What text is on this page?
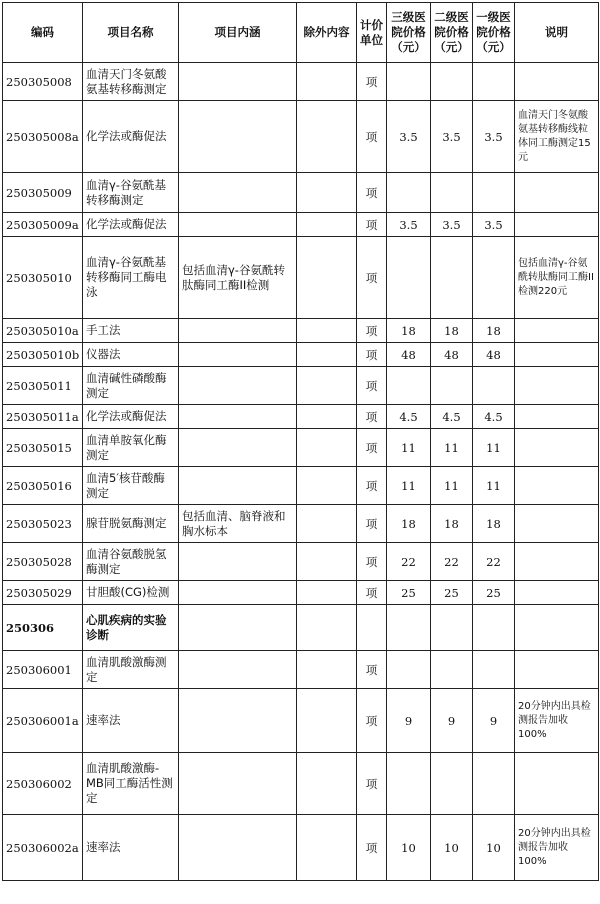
编码	项目名称	项目内涵	除外内容	计价单位	三级医院价格（元）	二级医院价格（元）	一级医院价格（元）	说明
250305008	血清天门冬氨酸氨基转移酶测定			项				
250305008a	化学法或酶促法			项	3.5	3.5	3.5	血清天门冬氨酸氨基转移酶线粒体同工酶测定15元
250305009	血清γ-谷氨酰基转移酶测定			项				
250305009a	化学法或酶促法			项	3.5	3.5	3.5	
250305010	血清γ-谷氨酰基转移酶同工酶电泳	包括血清γ-谷氨酰转肽酶同工酶II检测		项				包括血清γ-谷氨酰转肽酶同工酶II检测220元
250305010a	手工法			项	18	18	18	
250305010b	仪器法			项	48	48	48	
250305011	血清碱性磷酸酶测定			项				
250305011a	化学法或酶促法			项	4.5	4.5	4.5	
250305015	血清单胺氧化酶测定			项	11	11	11	
250305016	血清5′核苷酸酶测定			项	11	11	11	
250305023	腺苷脱氨酶测定	包括血清、脑脊液和胸水标本		项	18	18	18	
250305028	血清谷氨酸脱氢酶测定			项	22	22	22	
250305029	甘胆酸(CG)检测			项	25	25	25	
250306	心肌疾病的实验诊断							
250306001	血清肌酸激酶测定			项				
250306001a	速率法			项	9	9	9	20分钟内出具检测报告加收100%
250306002	血清肌酸激酶-MB同工酶活性测定			项				
250306002a	速率法			项	10	10	10	20分钟内出具检测报告加收100%
